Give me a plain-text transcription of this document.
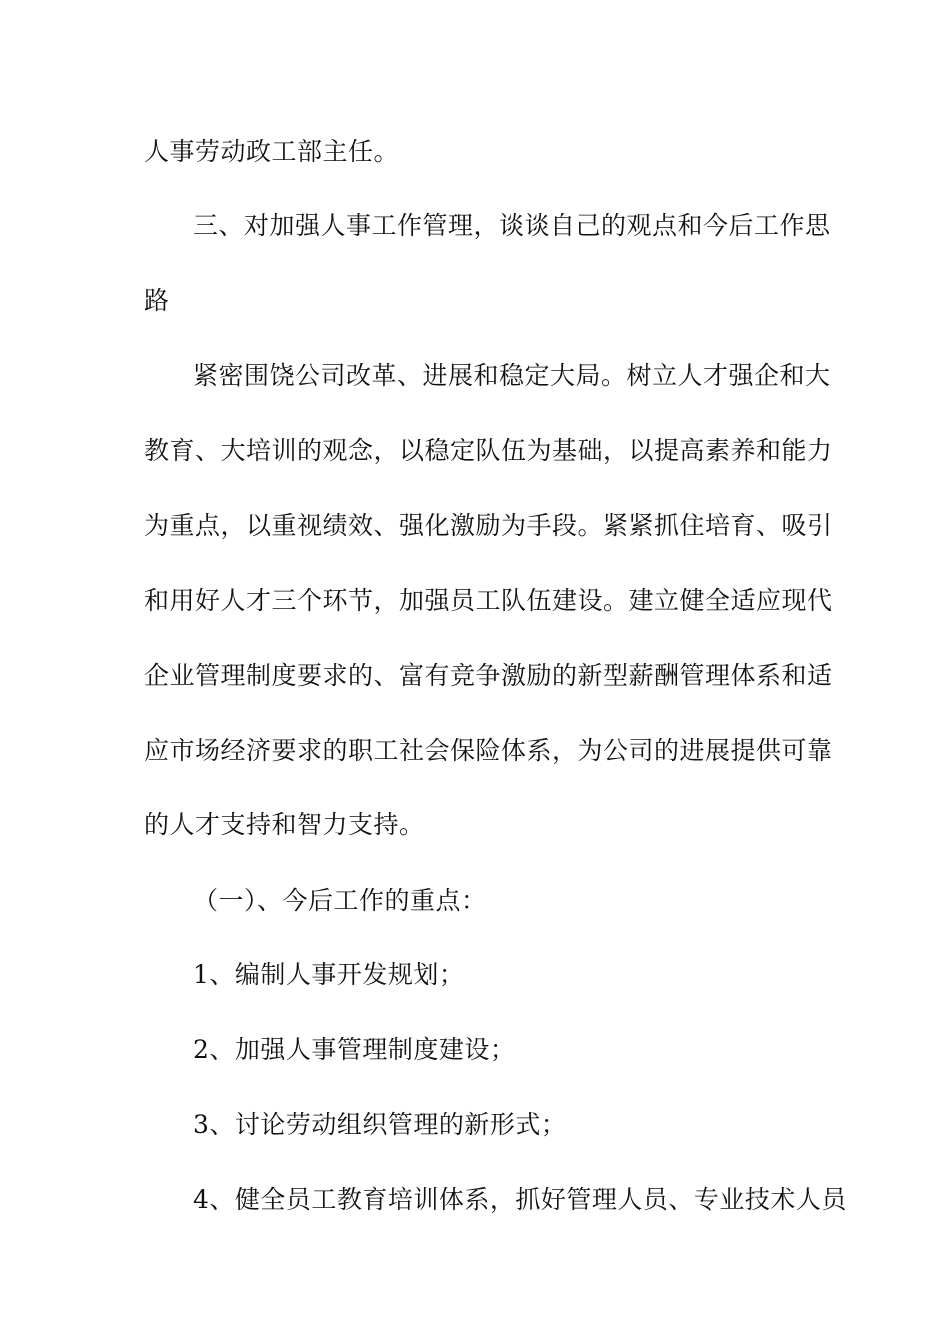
人事劳动政工部主任。
三、对加强人事工作管理，谈谈自己的观点和今后工作思
路
紧密围饶公司改革、进展和稳定大局。树立人才强企和大
教育、大培训的观念，以稳定队伍为基础，以提高素养和能力
为重点，以重视绩效、强化激励为手段。紧紧抓住培育、吸引
和用好人才三个环节，加强员工队伍建设。建立健全适应现代
企业管理制度要求的、富有竞争激励的新型薪酬管理体系和适
应市场经济要求的职工社会保险体系，为公司的进展提供可靠
的人才支持和智力支持。
（一）、今后工作的重点：
1、编制人事开发规划；
2、加强人事管理制度建设；
3、讨论劳动组织管理的新形式；
4、健全员工教育培训体系，抓好管理人员、专业技术人员
